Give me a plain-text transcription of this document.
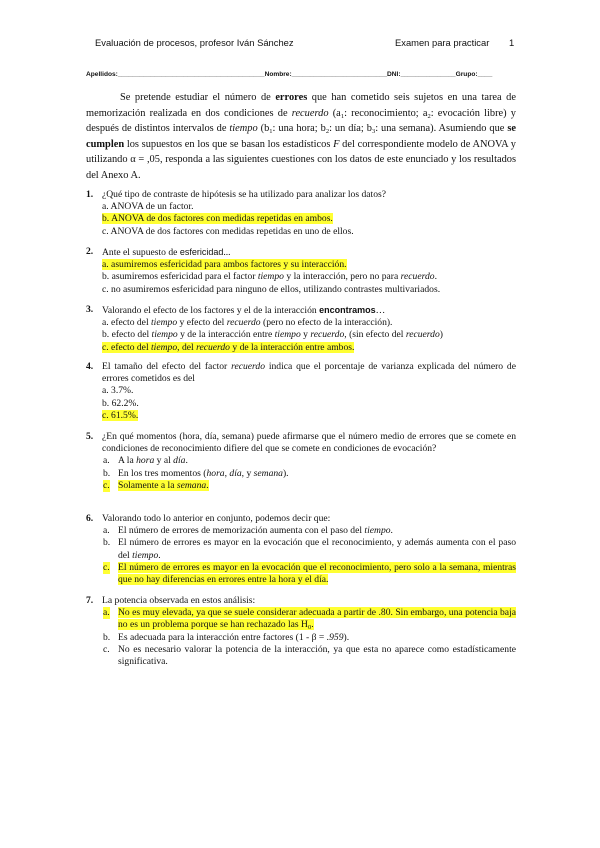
Evaluación de procesos, profesor Iván Sánchez	Examen para practicar 1
Apellidos:________________________________________Nombre:__________________________DNI:_______________Grupo:____

Se pretende estudiar el número de errores que han cometido seis sujetos en una tarea de memorización realizada en dos condiciones de recuerdo ($a_1$: reconocimiento; $a_2$: evocación libre) y después de distintos intervalos de tiempo ($b_1$: una hora; $b_2$: un día; $b_3$: una semana). Asumiendo que se cumplen los supuestos en los que se basan los estadísticos F del correspondiente modelo de ANOVA y utilizando α = ,05, responda a las siguientes cuestiones con los datos de este enunciado y los resultados del Anexo A.

1. ¿Qué tipo de contraste de hipótesis se ha utilizado para analizar los datos?

a. ANOVA de un factor.

b. ANOVA de dos factores con medidas repetidas en ambos.

c. ANOVA de dos factores con medidas repetidas en uno de ellos.

2. Ante el supuesto de esfericidad...

a. asumiremos esfericidad para ambos factores y su interacción.

b. asumiremos esfericidad para el factor tiempo y la interacción, pero no para recuerdo.

c. no asumiremos esfericidad para ninguno de ellos, utilizando contrastes multivariados.

3. Valorando el efecto de los factores y el de la interacción encontramos…

a. efecto del tiempo y efecto del recuerdo (pero no efecto de la interacción).

b. efecto del tiempo y de la interacción entre tiempo y recuerdo, (sin efecto del recuerdo)

c. efecto del tiempo, del recuerdo y de la interacción entre ambos.

4. El tamaño del efecto del factor recuerdo indica que el porcentaje de varianza explicada del número de errores cometidos es del

a. 3.7%.

b. 62.2%.

c. 61.5%.

5. ¿En qué momentos (hora, día, semana) puede afirmarse que el número medio de errores que se comete en condiciones de reconocimiento difiere del que se comete en condiciones de evocación?

a. A la hora y al día.

b. En los tres momentos (hora, día, y semana).

c. Solamente a la semana.

6. Valorando todo lo anterior en conjunto, podemos decir que:

a. El número de errores de memorización aumenta con el paso del tiempo.

b. El número de errores es mayor en la evocación que el reconocimiento, y además aumenta con el paso del tiempo.

c. El número de errores es mayor en la evocación que el reconocimiento, pero solo a la semana, mientras que no hay diferencias en errores entre la hora y el día.

7. La potencia observada en estos análisis:

a. No es muy elevada, ya que se suele considerar adecuada a partir de .80. Sin embargo, una potencia baja no es un problema porque se han rechazado las $H_0$.

b. Es adecuada para la interacción entre factores (1 - β = .959).

c. No es necesario valorar la potencia de la interacción, ya que esta no aparece como estadísticamente significativa.
